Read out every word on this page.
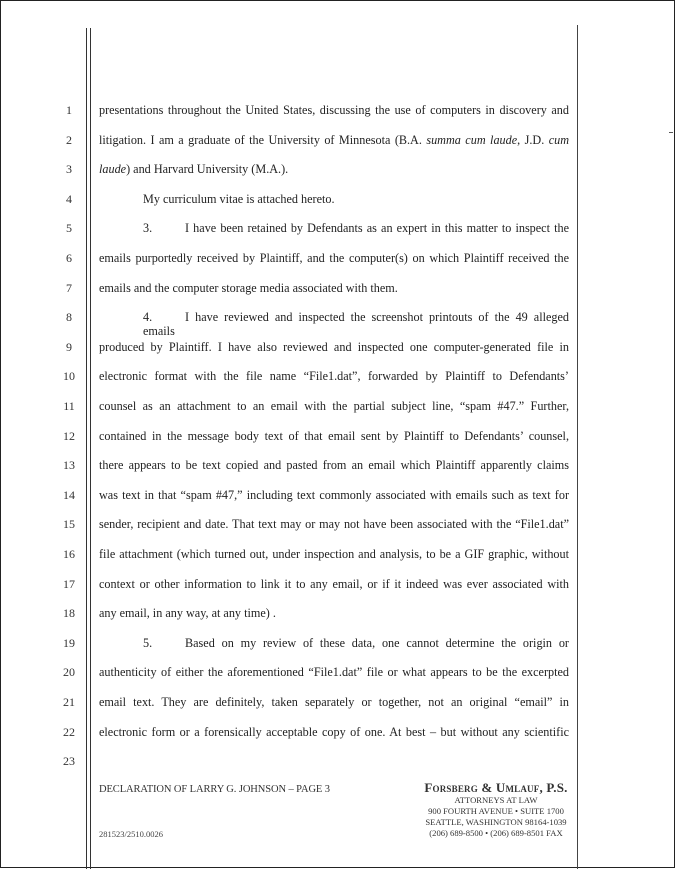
1
2
3
4
5
6
7
8
9
10
11
12
13
14
15
16
17
18
19
20
21
22
23
presentations throughout the United States, discussing the use of computers in discovery and
litigation. I am a graduate of the University of Minnesota (B.A. summa cum laude, J.D. cum
laude) and Harvard University (M.A.).
My curriculum vitae is attached hereto.
3.	I have been retained by Defendants as an expert in this matter to inspect the
emails purportedly received by Plaintiff, and the computer(s) on which Plaintiff received the
emails and the computer storage media associated with them.
4.	I have reviewed and inspected the screenshot printouts of the 49 alleged emails
produced by Plaintiff. I have also reviewed and inspected one computer-generated file in
electronic format with the file name “File1.dat”, forwarded by Plaintiff to Defendants’
counsel as an attachment to an email with the partial subject line, “spam #47.” Further,
contained in the message body text of that email sent by Plaintiff to Defendants’ counsel,
there appears to be text copied and pasted from an email which Plaintiff apparently claims
was text in that “spam #47,” including text commonly associated with emails such as text for
sender, recipient and date. That text may or may not have been associated with the “File1.dat”
file attachment (which turned out, under inspection and analysis, to be a GIF graphic, without
context or other information to link it to any email, or if it indeed was ever associated with
any email, in any way, at any time) .
5.	Based on my review of these data, one cannot determine the origin or
authenticity of either the aforementioned “File1.dat” file or what appears to be the excerpted
email text. They are definitely, taken separately or together, not an original “email” in
electronic form or a forensically acceptable copy of one. At best – but without any scientific
DECLARATION OF LARRY G. JOHNSON – PAGE 3
281523/2510.0026
Forsberg & Umlauf, P.S.
ATTORNEYS AT LAW
900 FOURTH AVENUE • SUITE 1700
SEATTLE, WASHINGTON 98164-1039
(206) 689-8500 • (206) 689-8501 FAX
